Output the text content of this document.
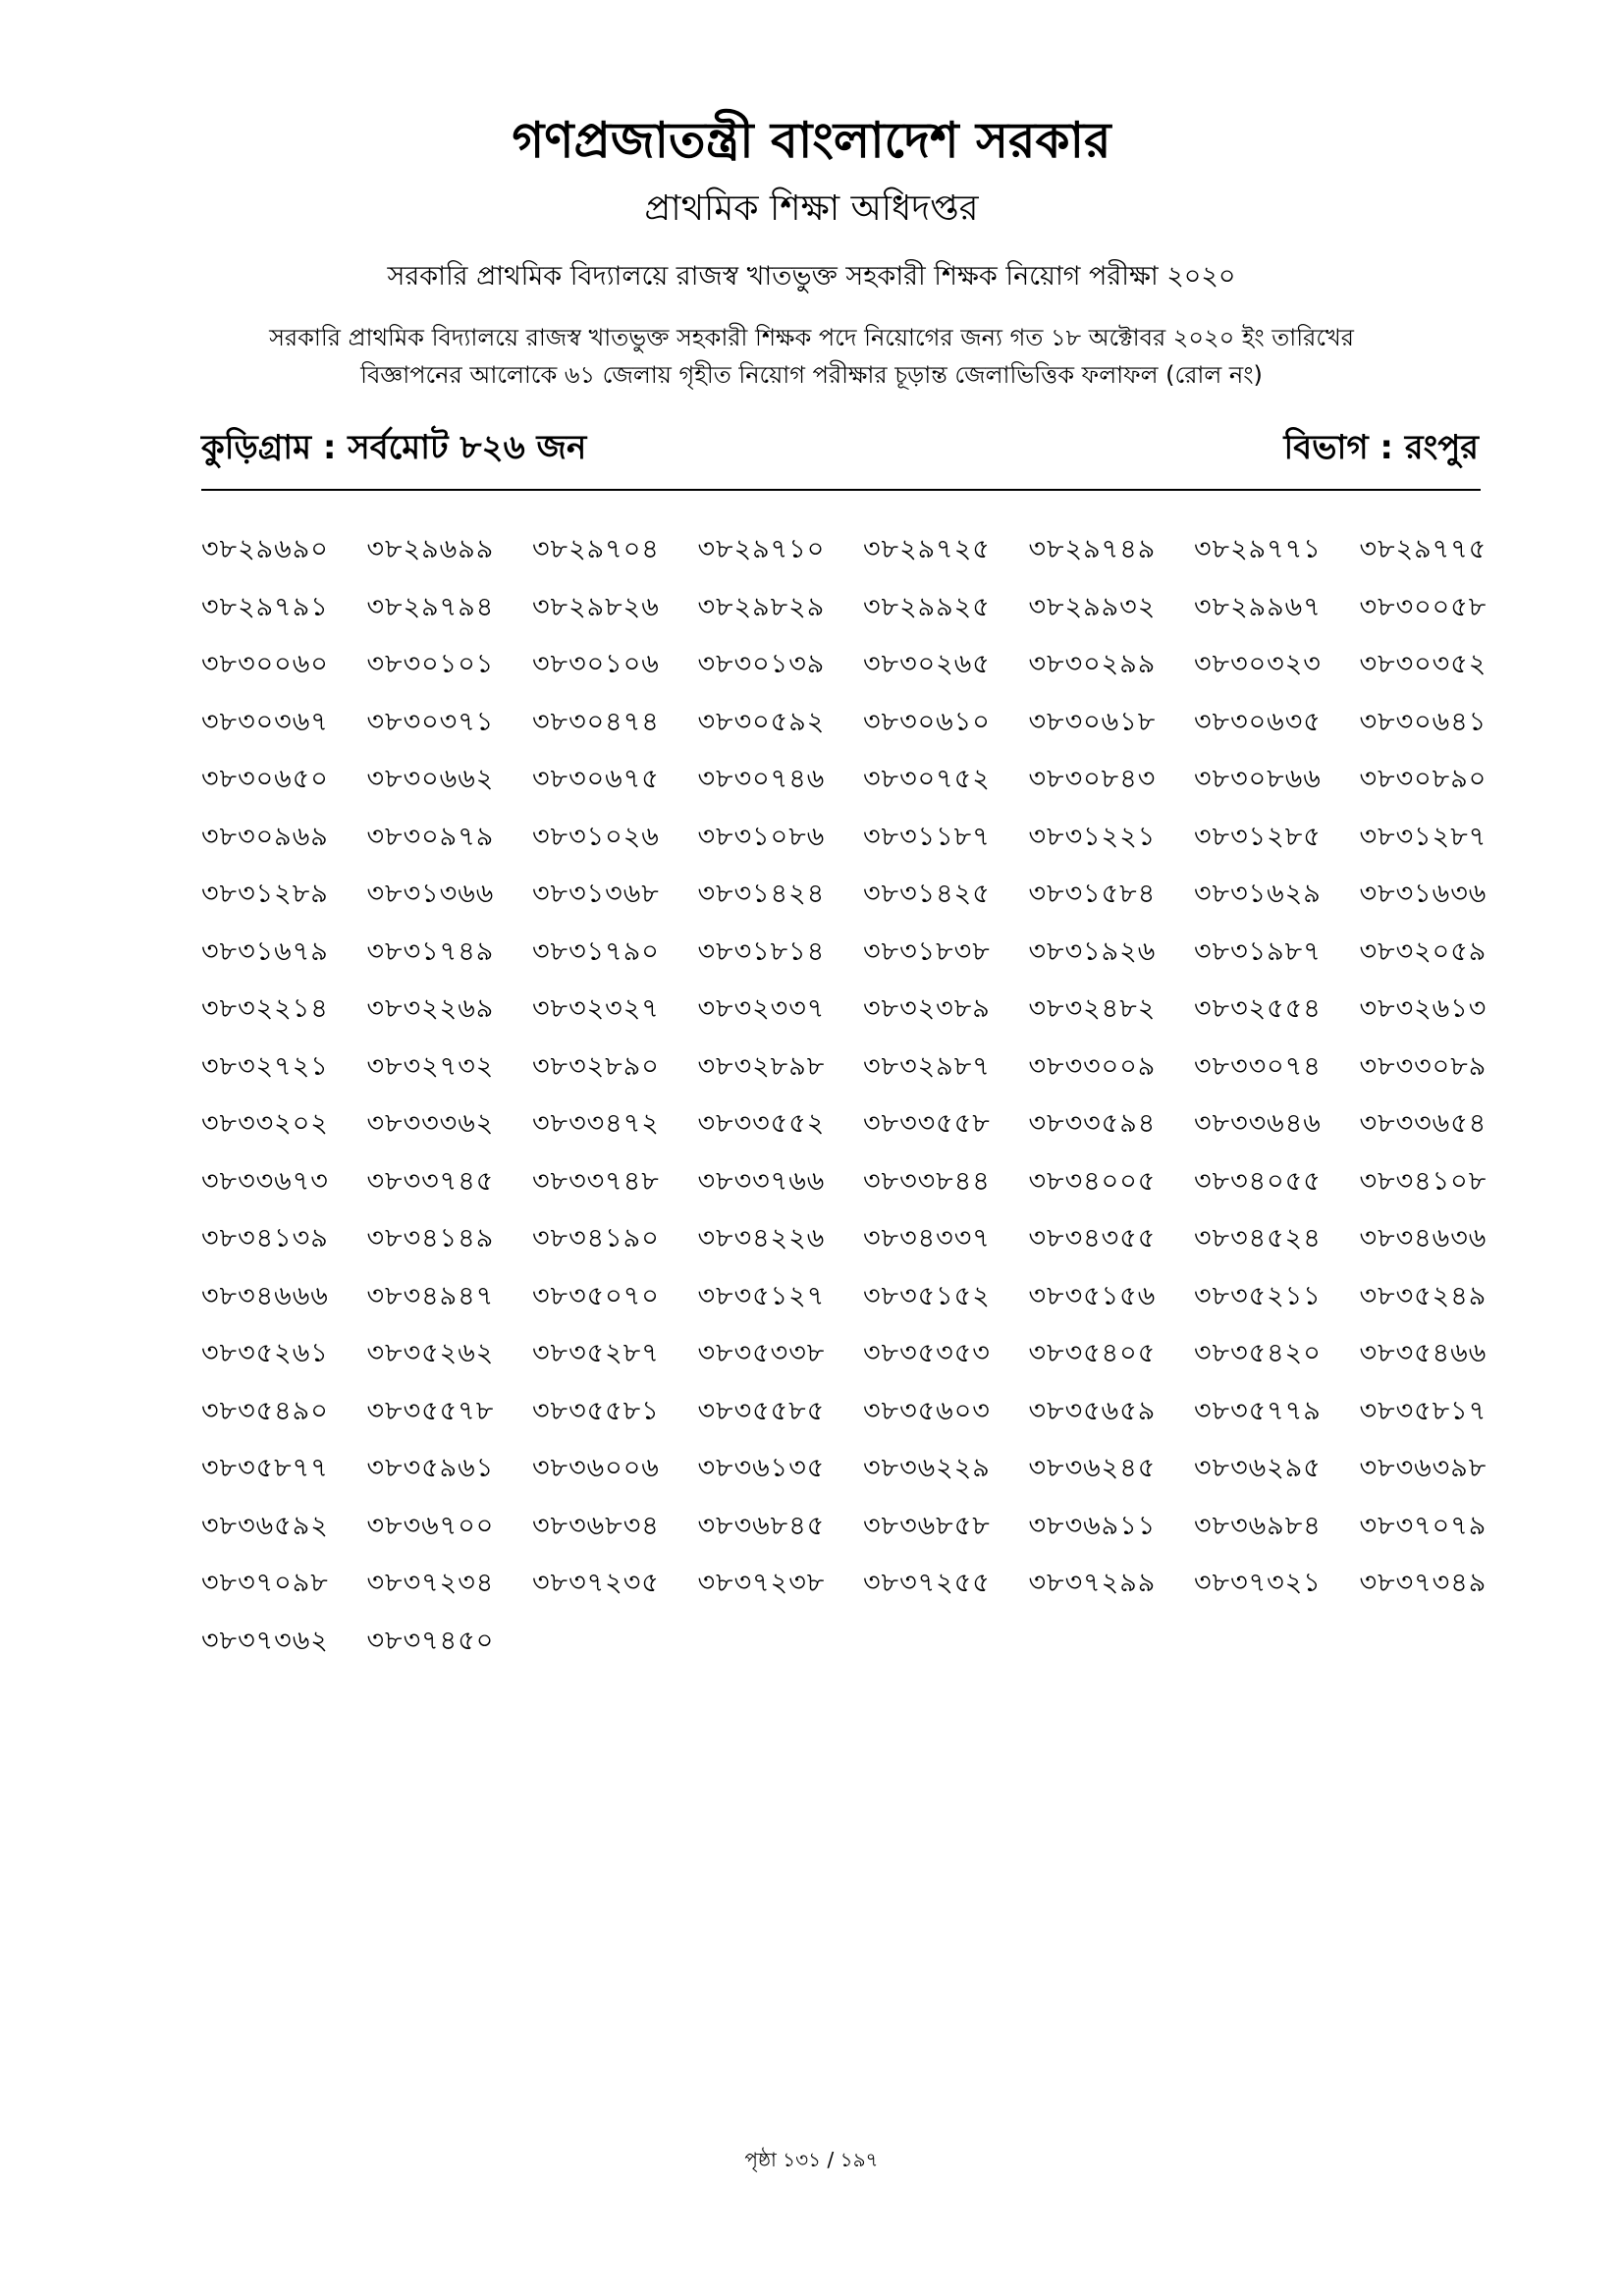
গণপ্রজাতন্ত্রী বাংলাদেশ সরকার
প্রাথমিক শিক্ষা অধিদপ্তর
সরকারি প্রাথমিক বিদ্যালয়ে রাজস্ব খাতভুক্ত সহকারী শিক্ষক নিয়োগ পরীক্ষা ২০২০
সরকারি প্রাথমিক বিদ্যালয়ে রাজস্ব খাতভুক্ত সহকারী শিক্ষক পদে নিয়োগের জন্য গত ১৮ অক্টোবর ২০২০ ইং তারিখের
বিজ্ঞাপনের আলোকে ৬১ জেলায় গৃহীত নিয়োগ পরীক্ষার চূড়ান্ত জেলাভিত্তিক ফলাফল (রোল নং)
কুড়িগ্রাম : সর্বমোট ৮২৬ জন	বিভাগ : রংপুর
৩৮২৯৬৯০	৩৮২৯৬৯৯	৩৮২৯৭০৪	৩৮২৯৭১০	৩৮২৯৭২৫	৩৮২৯৭৪৯	৩৮২৯৭৭১	৩৮২৯৭৭৫
৩৮২৯৭৯১	৩৮২৯৭৯৪	৩৮২৯৮২৬	৩৮২৯৮২৯	৩৮২৯৯২৫	৩৮২৯৯৩২	৩৮২৯৯৬৭	৩৮৩০০৫৮
৩৮৩০০৬০	৩৮৩০১০১	৩৮৩০১০৬	৩৮৩০১৩৯	৩৮৩০২৬৫	৩৮৩০২৯৯	৩৮৩০৩২৩	৩৮৩০৩৫২
৩৮৩০৩৬৭	৩৮৩০৩৭১	৩৮৩০৪৭৪	৩৮৩০৫৯২	৩৮৩০৬১০	৩৮৩০৬১৮	৩৮৩০৬৩৫	৩৮৩০৬৪১
৩৮৩০৬৫০	৩৮৩০৬৬২	৩৮৩০৬৭৫	৩৮৩০৭৪৬	৩৮৩০৭৫২	৩৮৩০৮৪৩	৩৮৩০৮৬৬	৩৮৩০৮৯০
৩৮৩০৯৬৯	৩৮৩০৯৭৯	৩৮৩১০২৬	৩৮৩১০৮৬	৩৮৩১১৮৭	৩৮৩১২২১	৩৮৩১২৮৫	৩৮৩১২৮৭
৩৮৩১২৮৯	৩৮৩১৩৬৬	৩৮৩১৩৬৮	৩৮৩১৪২৪	৩৮৩১৪২৫	৩৮৩১৫৮৪	৩৮৩১৬২৯	৩৮৩১৬৩৬
৩৮৩১৬৭৯	৩৮৩১৭৪৯	৩৮৩১৭৯০	৩৮৩১৮১৪	৩৮৩১৮৩৮	৩৮৩১৯২৬	৩৮৩১৯৮৭	৩৮৩২০৫৯
৩৮৩২২১৪	৩৮৩২২৬৯	৩৮৩২৩২৭	৩৮৩২৩৩৭	৩৮৩২৩৮৯	৩৮৩২৪৮২	৩৮৩২৫৫৪	৩৮৩২৬১৩
৩৮৩২৭২১	৩৮৩২৭৩২	৩৮৩২৮৯০	৩৮৩২৮৯৮	৩৮৩২৯৮৭	৩৮৩৩০০৯	৩৮৩৩০৭৪	৩৮৩৩০৮৯
৩৮৩৩২০২	৩৮৩৩৩৬২	৩৮৩৩৪৭২	৩৮৩৩৫৫২	৩৮৩৩৫৫৮	৩৮৩৩৫৯৪	৩৮৩৩৬৪৬	৩৮৩৩৬৫৪
৩৮৩৩৬৭৩	৩৮৩৩৭৪৫	৩৮৩৩৭৪৮	৩৮৩৩৭৬৬	৩৮৩৩৮৪৪	৩৮৩৪০০৫	৩৮৩৪০৫৫	৩৮৩৪১০৮
৩৮৩৪১৩৯	৩৮৩৪১৪৯	৩৮৩৪১৯০	৩৮৩৪২২৬	৩৮৩৪৩৩৭	৩৮৩৪৩৫৫	৩৮৩৪৫২৪	৩৮৩৪৬৩৬
৩৮৩৪৬৬৬	৩৮৩৪৯৪৭	৩৮৩৫০৭০	৩৮৩৫১২৭	৩৮৩৫১৫২	৩৮৩৫১৫৬	৩৮৩৫২১১	৩৮৩৫২৪৯
৩৮৩৫২৬১	৩৮৩৫২৬২	৩৮৩৫২৮৭	৩৮৩৫৩৩৮	৩৮৩৫৩৫৩	৩৮৩৫৪০৫	৩৮৩৫৪২০	৩৮৩৫৪৬৬
৩৮৩৫৪৯০	৩৮৩৫৫৭৮	৩৮৩৫৫৮১	৩৮৩৫৫৮৫	৩৮৩৫৬০৩	৩৮৩৫৬৫৯	৩৮৩৫৭৭৯	৩৮৩৫৮১৭
৩৮৩৫৮৭৭	৩৮৩৫৯৬১	৩৮৩৬০০৬	৩৮৩৬১৩৫	৩৮৩৬২২৯	৩৮৩৬২৪৫	৩৮৩৬২৯৫	৩৮৩৬৩৯৮
৩৮৩৬৫৯২	৩৮৩৬৭০০	৩৮৩৬৮৩৪	৩৮৩৬৮৪৫	৩৮৩৬৮৫৮	৩৮৩৬৯১১	৩৮৩৬৯৮৪	৩৮৩৭০৭৯
৩৮৩৭০৯৮	৩৮৩৭২৩৪	৩৮৩৭২৩৫	৩৮৩৭২৩৮	৩৮৩৭২৫৫	৩৮৩৭২৯৯	৩৮৩৭৩২১	৩৮৩৭৩৪৯
৩৮৩৭৩৬২	৩৮৩৭৪৫০
পৃষ্ঠা ১৩১ / ১৯৭
